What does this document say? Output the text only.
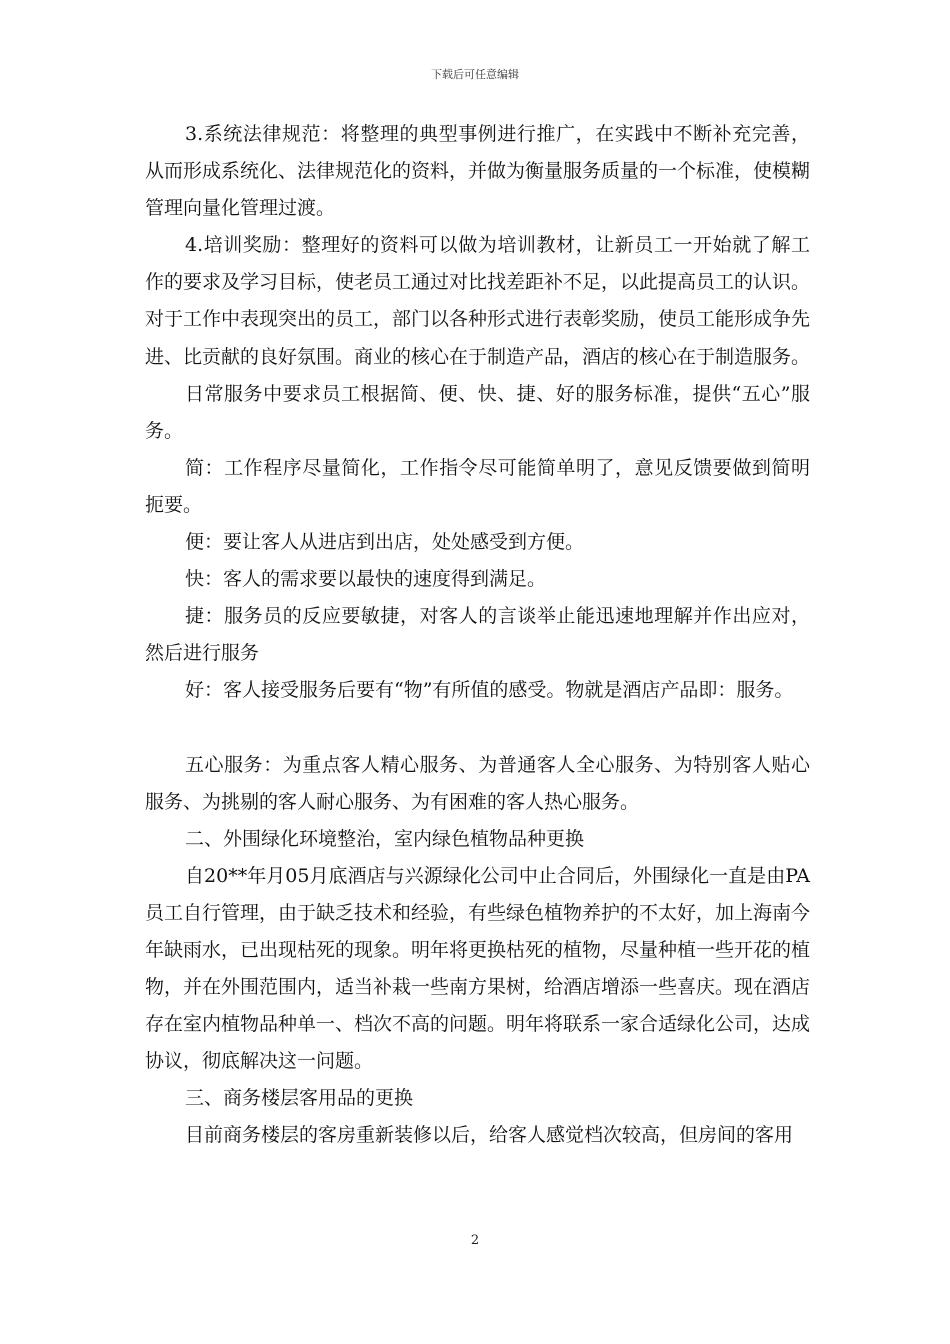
下载后可任意编辑

3.系统法律规范：将整理的典型事例进行推广，在实践中不断补充完善，从而形成系统化、法律规范化的资料，并做为衡量服务质量的一个标准，使模糊管理向量化管理过渡。

4.培训奖励：整理好的资料可以做为培训教材，让新员工一开始就了解工作的要求及学习目标，使老员工通过对比找差距补不足，以此提高员工的认识。对于工作中表现突出的员工，部门以各种形式进行表彰奖励，使员工能形成争先进、比贡献的良好氛围。商业的核心在于制造产品，酒店的核心在于制造服务。

日常服务中要求员工根据简、便、快、捷、好的服务标准，提供“五心”服务。

简：工作程序尽量简化，工作指令尽可能简单明了，意见反馈要做到简明扼要。

便：要让客人从进店到出店，处处感受到方便。

快：客人的需求要以最快的速度得到满足。

捷：服务员的反应要敏捷，对客人的言谈举止能迅速地理解并作出应对，然后进行服务

好：客人接受服务后要有“物”有所值的感受。物就是酒店产品即：服务。

五心服务：为重点客人精心服务、为普通客人全心服务、为特别客人贴心服务、为挑剔的客人耐心服务、为有困难的客人热心服务。

二、外围绿化环境整治，室内绿色植物品种更换

自20**年月05月底酒店与兴源绿化公司中止合同后，外围绿化一直是由PA员工自行管理，由于缺乏技术和经验，有些绿色植物养护的不太好，加上海南今年缺雨水，已出现枯死的现象。明年将更换枯死的植物，尽量种植一些开花的植物，并在外围范围内，适当补栽一些南方果树，给酒店增添一些喜庆。现在酒店存在室内植物品种单一、档次不高的问题。明年将联系一家合适绿化公司，达成协议，彻底解决这一问题。

三、商务楼层客用品的更换

目前商务楼层的客房重新装修以后，给客人感觉档次较高，但房间的客用

2
